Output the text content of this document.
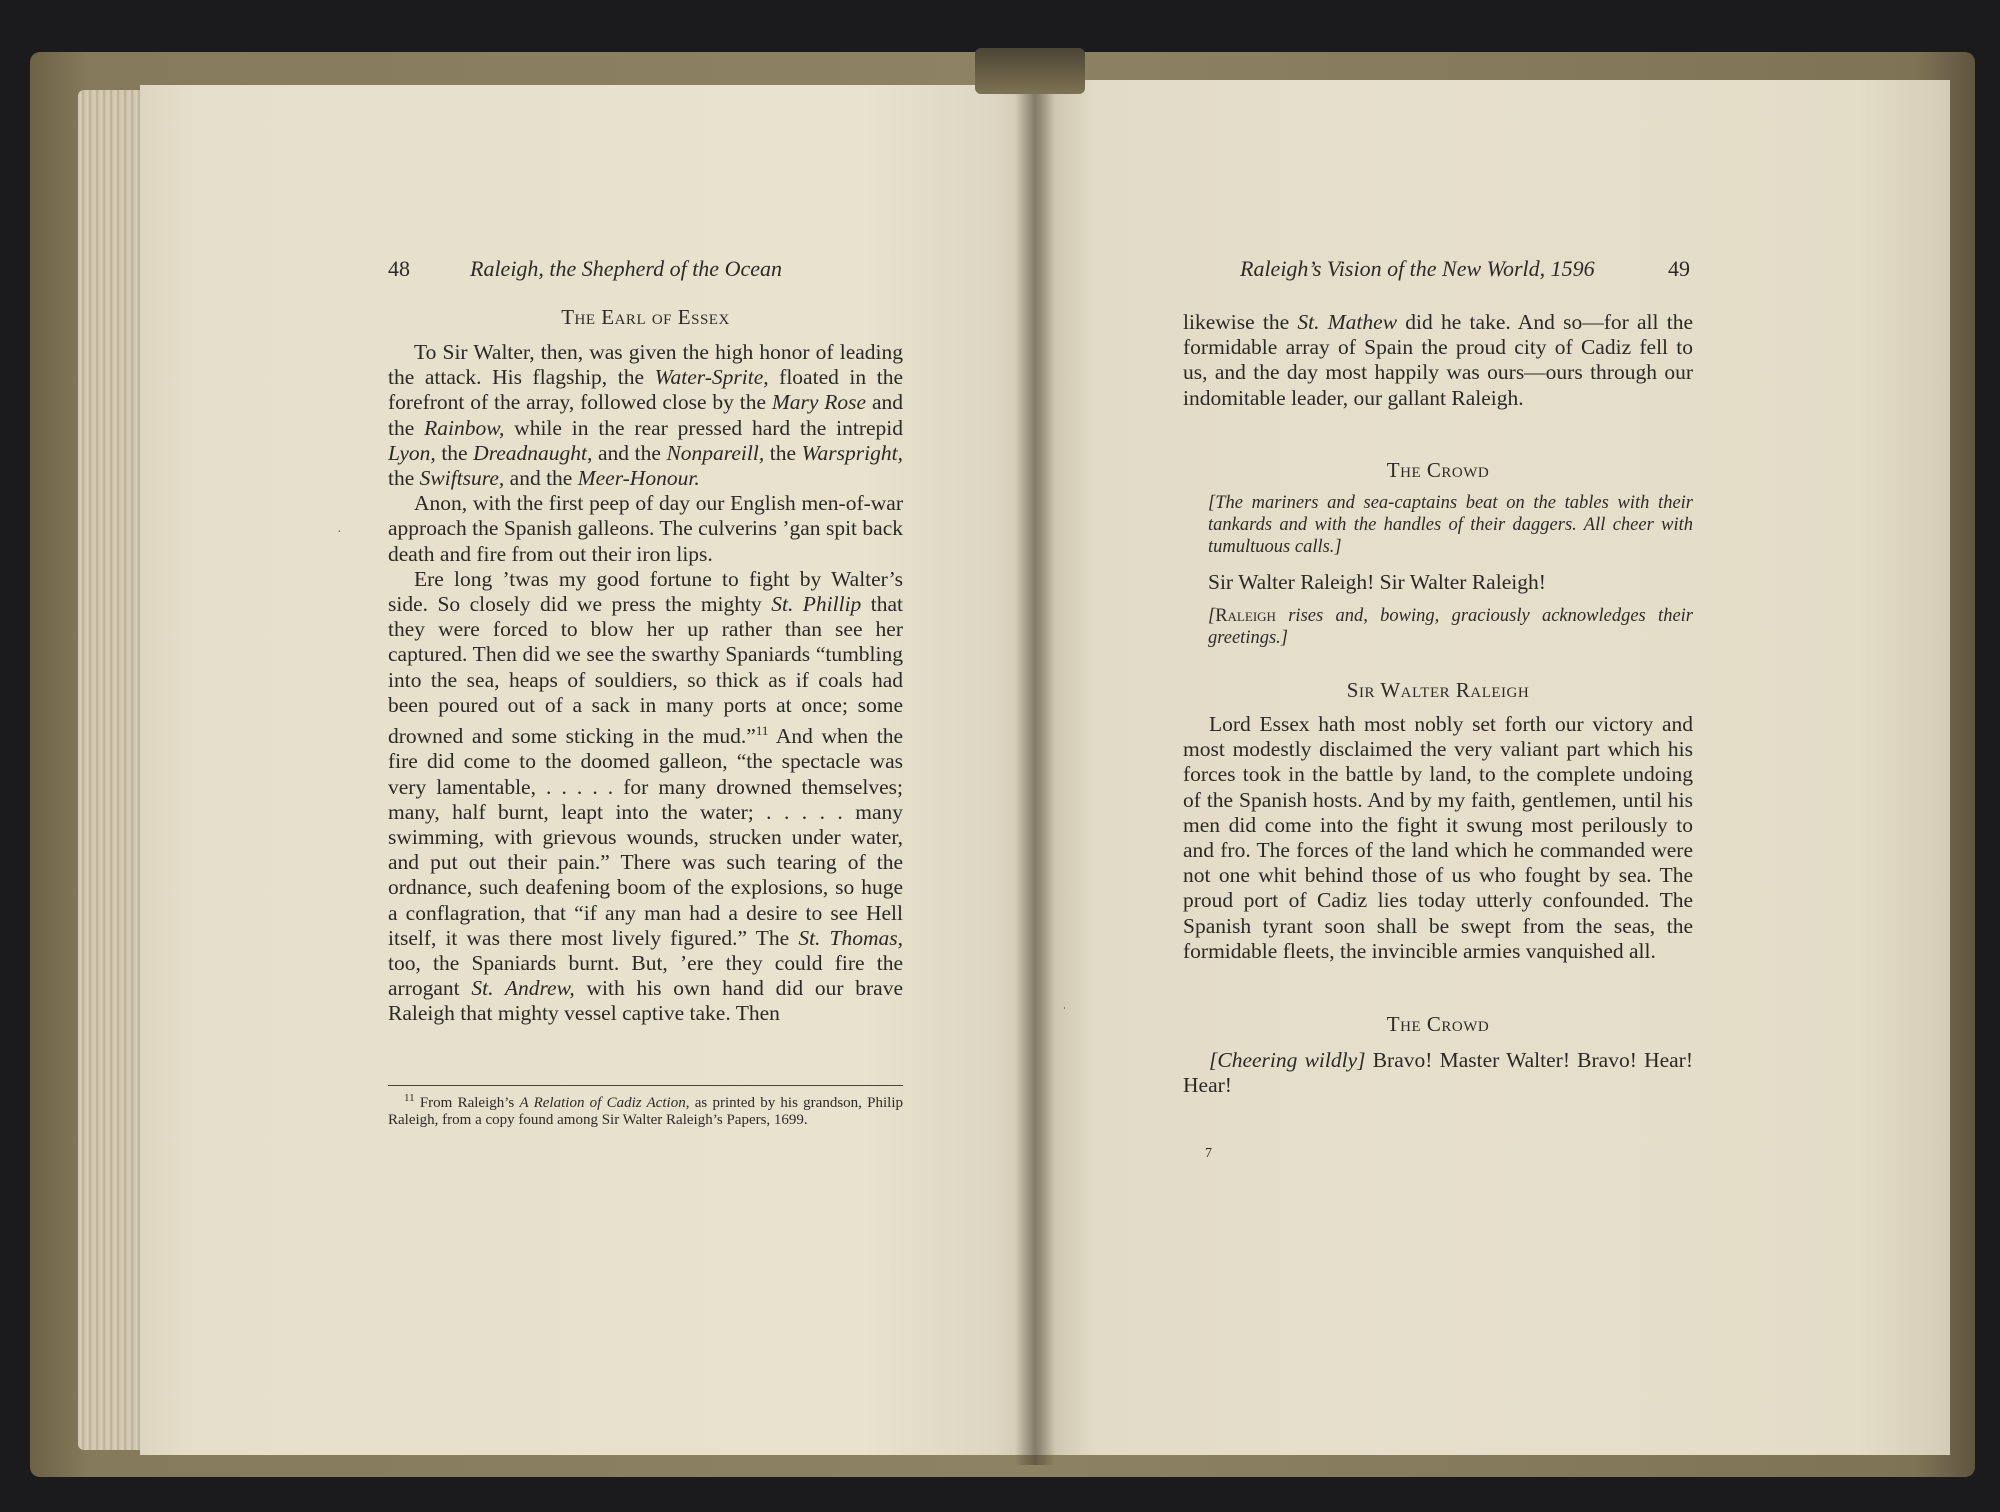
48	Raleigh, the Shepherd of the Ocean
The Earl of Essex

To Sir Walter, then, was given the high honor of leading the attack. His flagship, the Water-Sprite, floated in the forefront of the array, followed close by the Mary Rose and the Rainbow, while in the rear pressed hard the intrepid Lyon, the Dreadnaught, and the Nonpareill, the Warspright, the Swiftsure, and the Meer-Honour.

Anon, with the first peep of day our English men-of-war approach the Spanish galleons. The culverins ’gan spit back death and fire from out their iron lips.

Ere long ’twas my good fortune to fight by Walter’s side. So closely did we press the mighty St. Phillip that they were forced to blow her up rather than see her captured. Then did we see the swarthy Spaniards “tumbling into the sea, heaps of souldiers, so thick as if coals had been poured out of a sack in many ports at once; some drowned and some sticking in the mud.”$^{11}$ And when the fire did come to the doomed galleon, “the spectacle was very lamentable, . . . . . for many drowned themselves; many, half burnt, leapt into the water; . . . . . many swimming, with grievous wounds, strucken under water, and put out their pain.” There was such tearing of the ordnance, such deafening boom of the explosions, so huge a conflagration, that “if any man had a desire to see Hell itself, it was there most lively figured.” The St. Thomas, too, the Spaniards burnt. But, ’ere they could fire the arrogant St. Andrew, with his own hand did our brave Raleigh that mighty vessel captive take. Then

$^{11}$ From Raleigh’s A Relation of Cadiz Action, as printed by his grandson, Philip Raleigh, from a copy found among Sir Walter Raleigh’s Papers, 1699.
Raleigh’s Vision of the New World, 1596	49

likewise the St. Mathew did he take. And so—for all the formidable array of Spain the proud city of Cadiz fell to us, and the day most happily was ours—ours through our indomitable leader, our gallant Raleigh.

The Crowd
[The mariners and sea-captains beat on the tables with their tankards and with the handles of their daggers. All cheer with tumultuous calls.]
Sir Walter Raleigh! Sir Walter Raleigh!
[Raleigh rises and, bowing, graciously acknowledges their greetings.]
Sir Walter Raleigh

Lord Essex hath most nobly set forth our victory and most modestly disclaimed the very valiant part which his forces took in the battle by land, to the complete undoing of the Spanish hosts. And by my faith, gentlemen, until his men did come into the fight it swung most perilously to and fro. The forces of the land which he commanded were not one whit behind those of us who fought by sea. The proud port of Cadiz lies today utterly confounded. The Spanish tyrant soon shall be swept from the seas, the formidable fleets, the invincible armies vanquished all.

The Crowd

[Cheering wildly] Bravo! Master Walter! Bravo! Hear! Hear!

7
·
ˌ
